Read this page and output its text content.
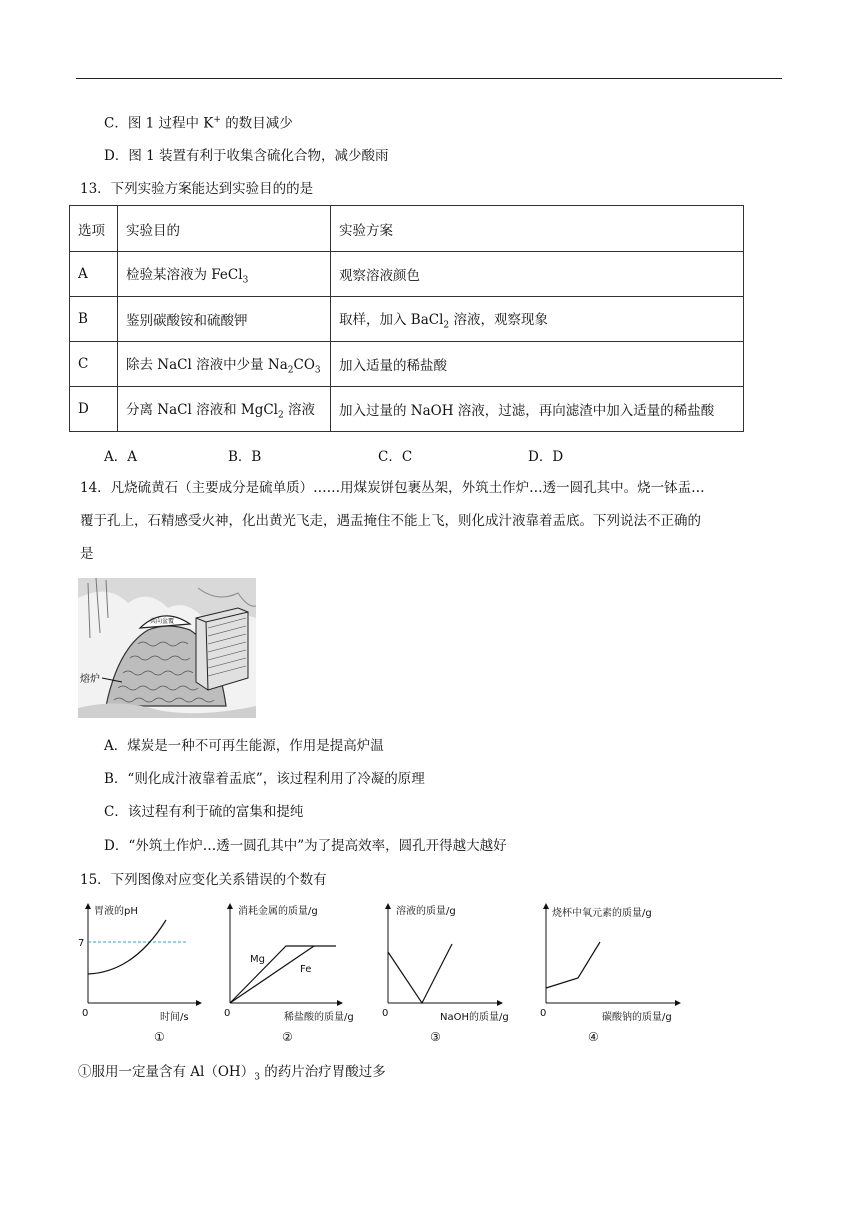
C．图 1 过程中 K+ 的数目减少
D．图 1 装置有利于收集含硫化合物，减少酸雨
13．下列实验方案能达到实验目的的是
选项	实验目的	实验方案
A	检验某溶液为 FeCl$_3$	观察溶液颜色
B	鉴别碳酸铵和硫酸钾	取样，加入 BaCl$_2$ 溶液，观察现象
C	除去 NaCl 溶液中少量 $Na_2CO_3$	加入适量的稀盐酸
D	分离 NaCl 溶液和 MgCl$_2$ 溶液	加入过量的 NaOH 溶液，过滤，再向滤渣中加入适量的稀盐酸
A．A	B．B	C．C	D．D
14．凡烧硫黄石（主要成分是硫单质）……用煤炭饼包裹丛架，外筑土作炉…透一圆孔其中。烧一钵盂…
覆于孔上，石精感受火神，化出黄光飞走，遇盂掩住不能上飞，则化成汁液靠着盂底。下列说法不正确的
是
共向盆覆
熔炉
A．煤炭是一种不可再生能源，作用是提高炉温
B．“则化成汁液靠着盂底”，该过程利用了冷凝的原理
C．该过程有利于硫的富集和提纯
D．“外筑土作炉…透一圆孔其中”为了提高效率，圆孔开得越大越好
15．下列图像对应变化关系错误的个数有
胃液的pH
7
0	时间/s
消耗金属的质量/g
Mg
Fe
0	稀盐酸的质量/g
溶液的质量/g
0	NaOH的质量/g
烧杯中氧元素的质量/g
0	碳酸钠的质量/g
①	②	③	④
①服用一定量含有 $Al(OH)_3$ 的药片治疗胃酸过多
